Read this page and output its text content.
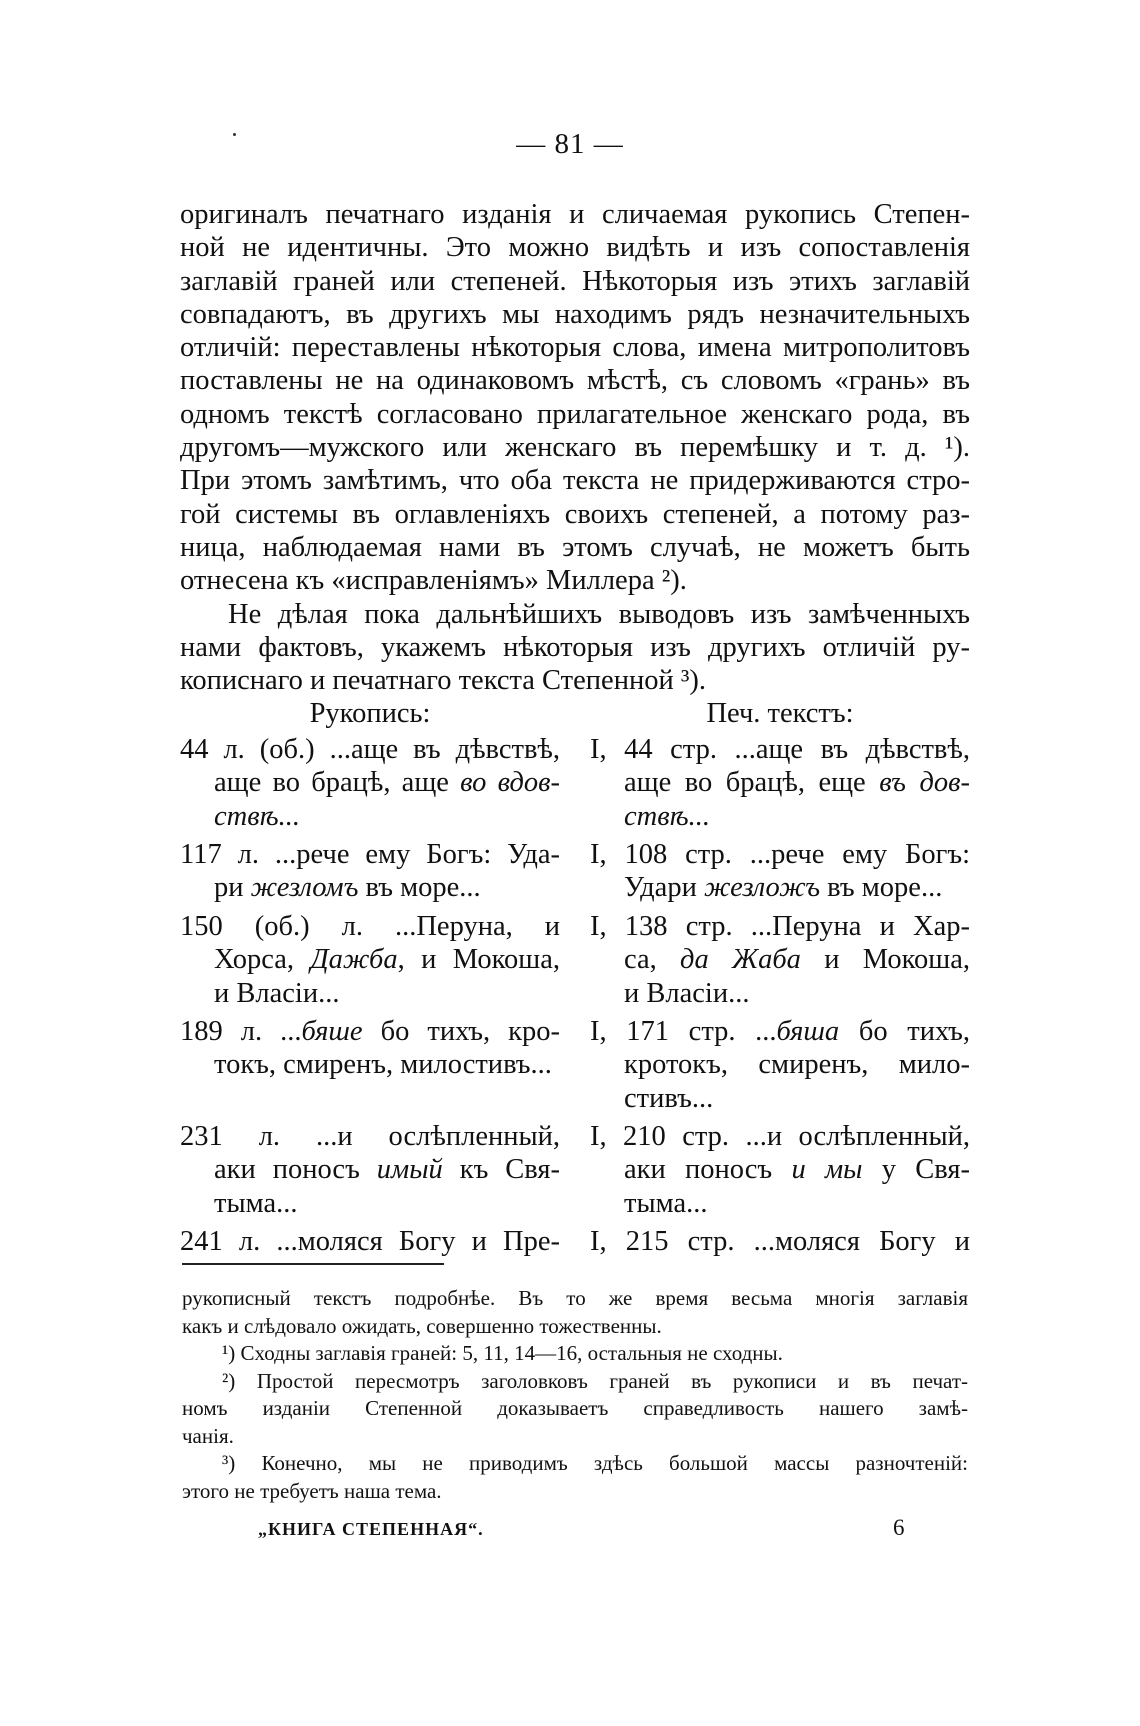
— 81 —
оригиналъ печатнаго изданія и сличаемая рукопись Степен-
ной не идентичны. Это можно видѣть и изъ сопоставленія
заглавій граней или степеней. Нѣкоторыя изъ этихъ заглавій
совпадаютъ, въ другихъ мы находимъ рядъ незначительныхъ
отличій: переставлены нѣкоторыя слова, имена митрополитовъ
поставлены не на одинаковомъ мѣстѣ, съ словомъ «грань» въ
одномъ текстѣ согласовано прилагательное женскаго рода, въ
другомъ—мужского или женскаго въ перемѣшку и т. д. ¹).
При этомъ замѣтимъ, что оба текста не придерживаются стро-
гой системы въ оглавленіяхъ своихъ степеней, а потому раз-
ница, наблюдаемая нами въ этомъ случаѣ, не можетъ быть
отнесена къ «исправленіямъ» Миллера ²).
Не дѣлая пока дальнѣйшихъ выводовъ изъ замѣченныхъ
нами фактовъ, укажемъ нѣкоторыя изъ другихъ отличій ру-
кописнаго и печатнаго текста Степенной ³).
Рукопись:	Печ. текстъ:
44 л. (об.) ...аще въ дѣвствѣ,
аще во брацѣ, аще во вдов-
ствѣ...
I, 44 стр. ...аще въ дѣвствѣ,
аще во брацѣ, еще въ дов-
ствѣ...
117 л. ...рече ему Богъ: Уда-
ри жезломъ въ море...
I, 108 стр. ...рече ему Богъ:
Удари жезложъ въ море...
150 (об.) л. ...Перуна, и
Хорса, Дажба, и Мокоша,
и Власіи...
I, 138 стр. ...Перуна и Хар-
са, да Жаба и Мокоша,
и Власіи...
189 л. ...бяше бо тихъ, кро-
токъ, смиренъ, милостивъ...
I, 171 стр. ...бяша бо тихъ,
кротокъ, смиренъ, мило-
стивъ...
231 л. ...и ослѣпленный,
аки поносъ имый къ Свя-
тыма...
I, 210 стр. ...и ослѣпленный,
аки поносъ и мы у Свя-
тыма...
241 л. ...моляся Богу и Пре- I, 215 стр. ...моляся Богу и
рукописный текстъ подробнѣе. Въ то же время весьма многія заглавія
какъ и слѣдовало ожидать, совершенно тожественны.
¹) Сходны заглавія граней: 5, 11, 14—16, остальныя не сходны.
²) Простой пересмотръ заголовковъ граней въ рукописи и въ печат-
номъ изданіи Степенной доказываетъ справедливость нашего замѣ-
чанія.
³) Конечно, мы не приводимъ здѣсь большой массы разночтеній:
этого не требуетъ наша тема.
„КНИГА СТЕПЕННАЯ“.	6
